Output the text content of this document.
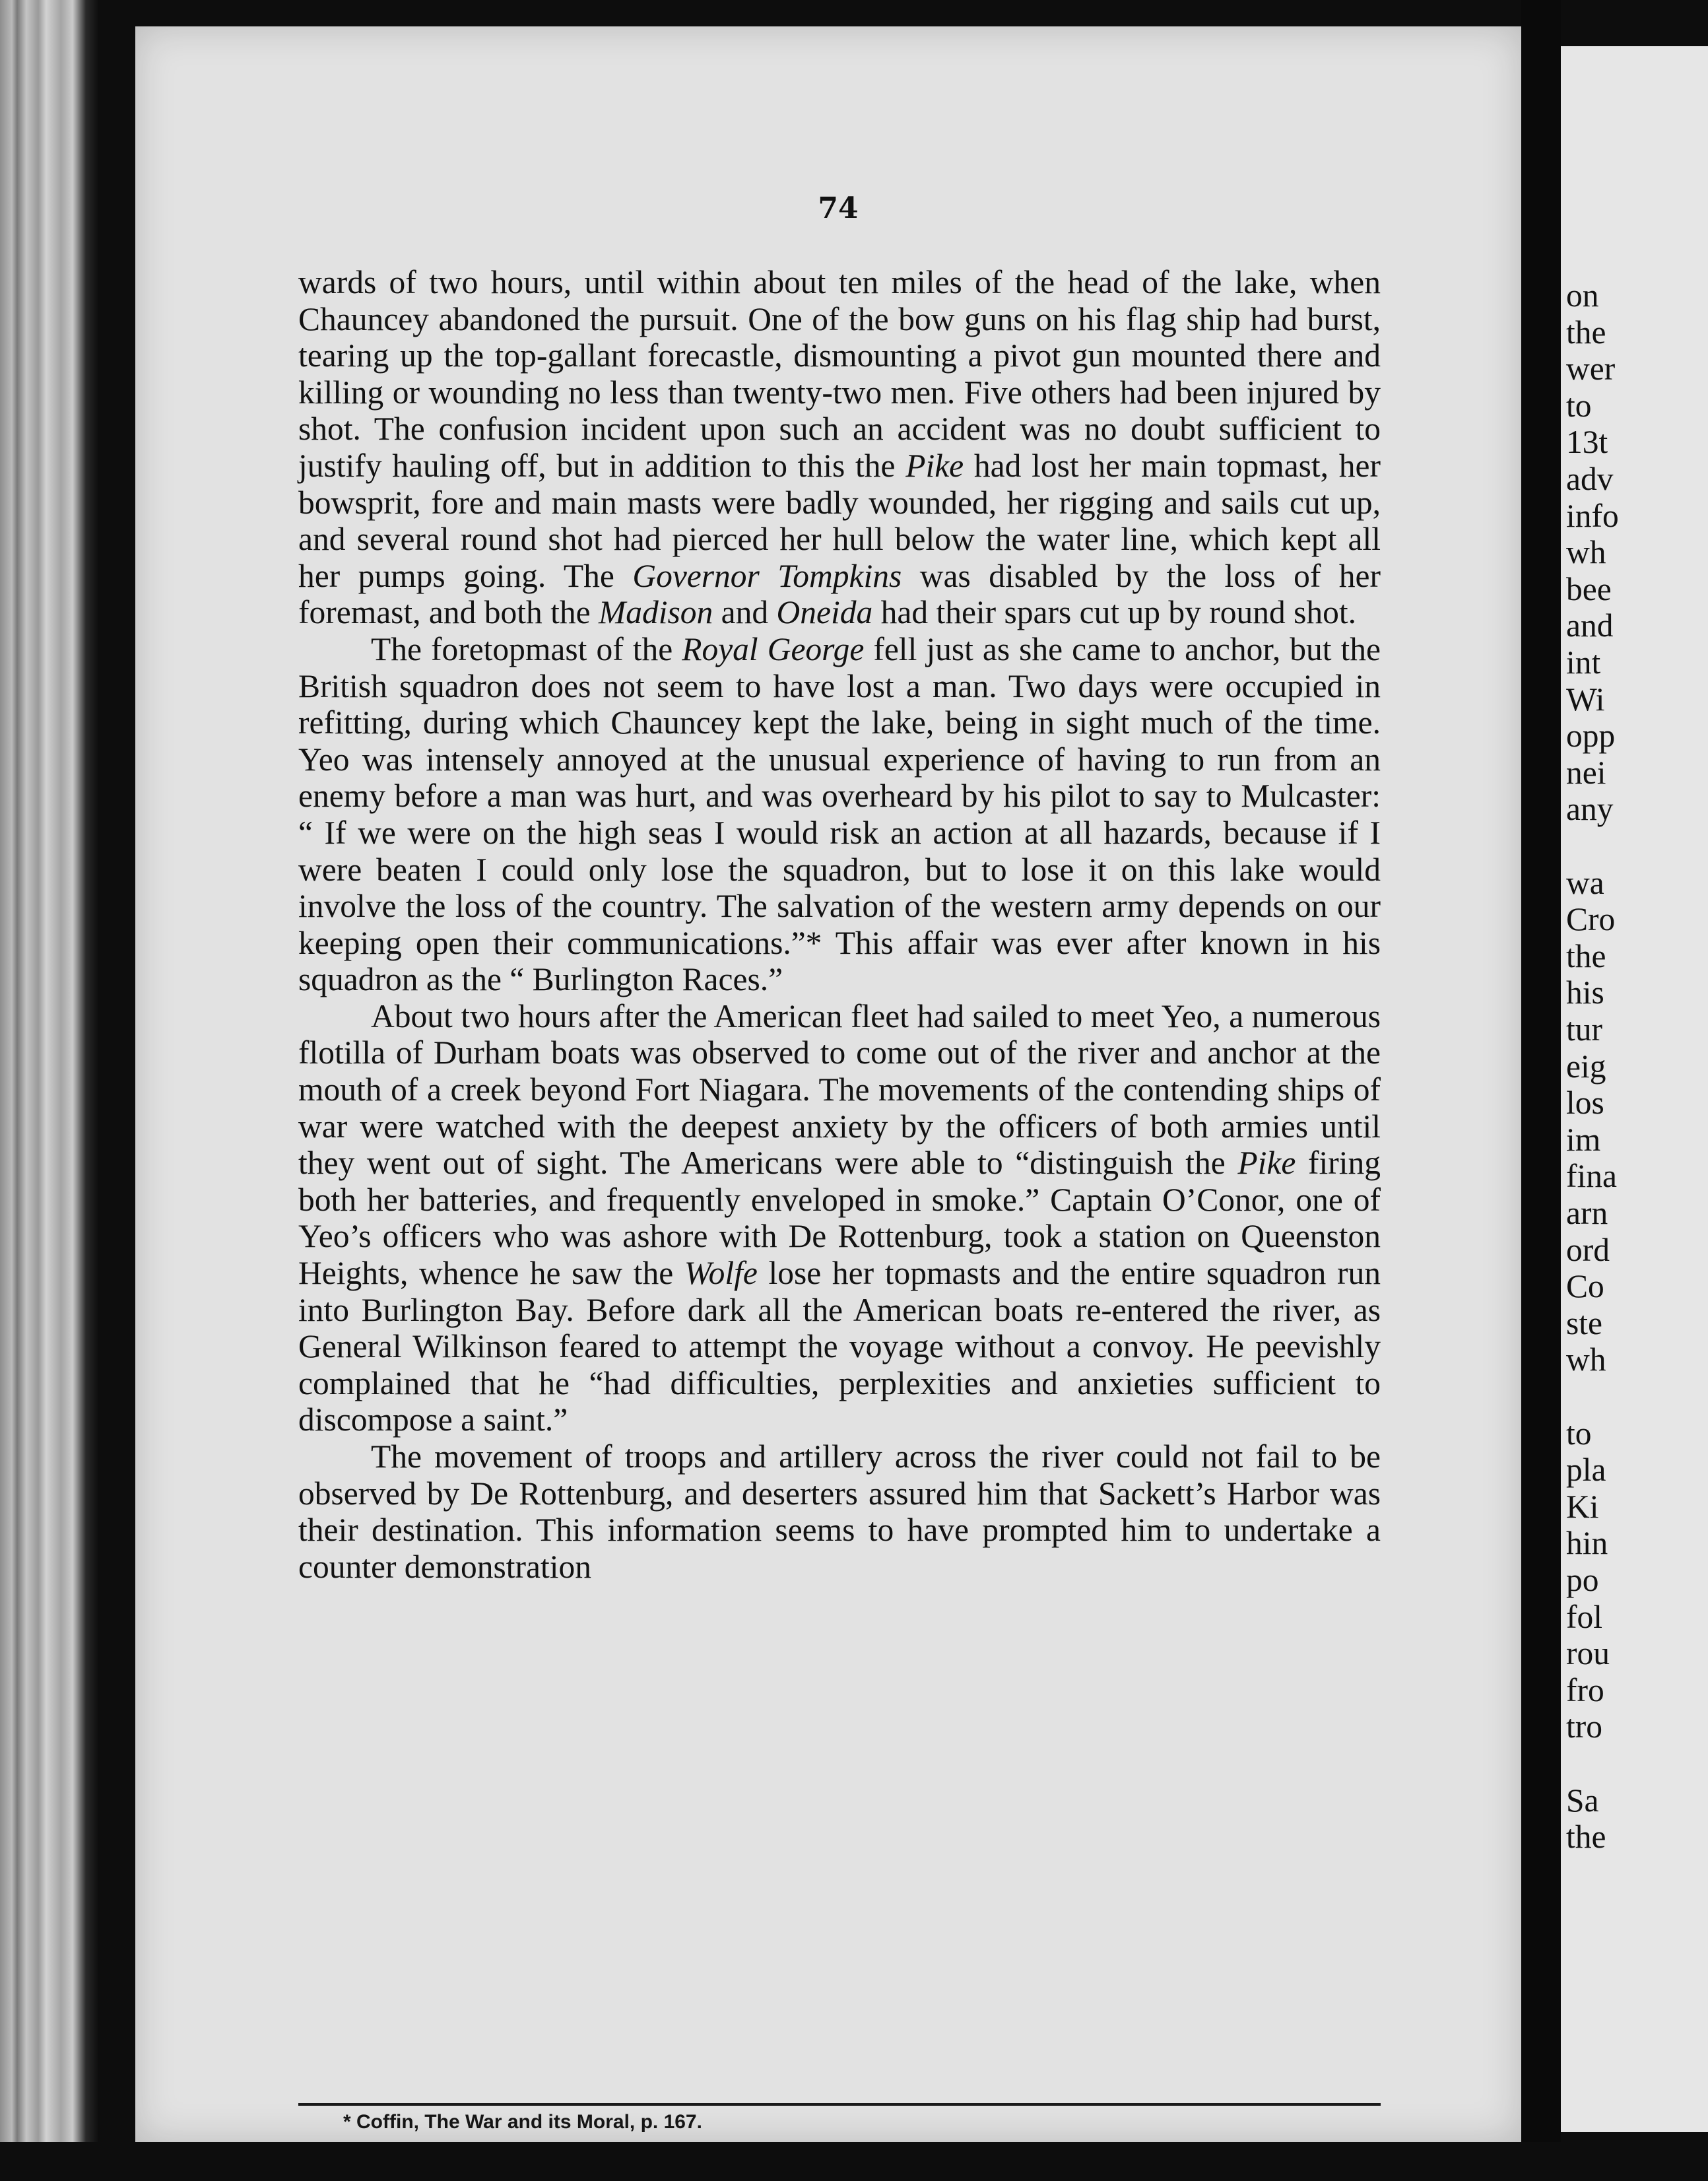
74

wards of two hours, until within about ten miles of the head of the lake, when Chauncey abandoned the pursuit. One of the bow guns on his flag ship had burst, tearing up the top-gallant forecastle, dismounting a pivot gun mounted there and killing or wounding no less than twenty-two men. Five others had been injured by shot. The confusion incident upon such an accident was no doubt sufficient to justify hauling off, but in addition to this the Pike had lost her main topmast, her bowsprit, fore and main masts were badly wounded, her rigging and sails cut up, and several round shot had pierced her hull below the water line, which kept all her pumps going. The Governor Tompkins was disabled by the loss of her foremast, and both the Madison and Oneida had their spars cut up by round shot.

The foretopmast of the Royal George fell just as she came to anchor, but the British squadron does not seem to have lost a man. Two days were occupied in refitting, during which Chauncey kept the lake, being in sight much of the time. Yeo was intensely annoyed at the unusual experience of having to run from an enemy before a man was hurt, and was overheard by his pilot to say to Mulcaster: “ If we were on the high seas I would risk an action at all hazards, because if I were beaten I could only lose the squadron, but to lose it on this lake would involve the loss of the country. The salvation of the western army depends on our keeping open their communications.”* This affair was ever after known in his squadron as the “ Burlington Races.”

About two hours after the American fleet had sailed to meet Yeo, a numerous flotilla of Durham boats was observed to come out of the river and anchor at the mouth of a creek beyond Fort Niagara. The movements of the contending ships of war were watched with the deepest anxiety by the officers of both armies until they went out of sight. The Americans were able to “distinguish the Pike firing both her batteries, and frequently enveloped in smoke.” Captain O’Conor, one of Yeo’s officers who was ashore with De Rottenburg, took a station on Queenston Heights, whence he saw the Wolfe lose her topmasts and the entire squadron run into Burlington Bay. Before dark all the American boats re-entered the river, as General Wilkinson feared to attempt the voyage without a convoy. He peevishly complained that he “had difficulties, perplexities and anxieties sufficient to discompose a saint.”

The movement of troops and artillery across the river could not fail to be observed by De Rottenburg, and deserters assured him that Sackett’s Harbor was their destination. This information seems to have prompted him to undertake a counter demonstration

* Coffin, The War and its Moral, p. 167.
on
the
wer
to
13t
adv
info
wh
bee
and
int
Wi
opp
nei
any
wa
Cro
the
his
tur
eig
los
im
fina
arn
ord
Co
ste
wh
to
pla
Ki
hin
po
fol
rou
fro
tro
Sa
the
